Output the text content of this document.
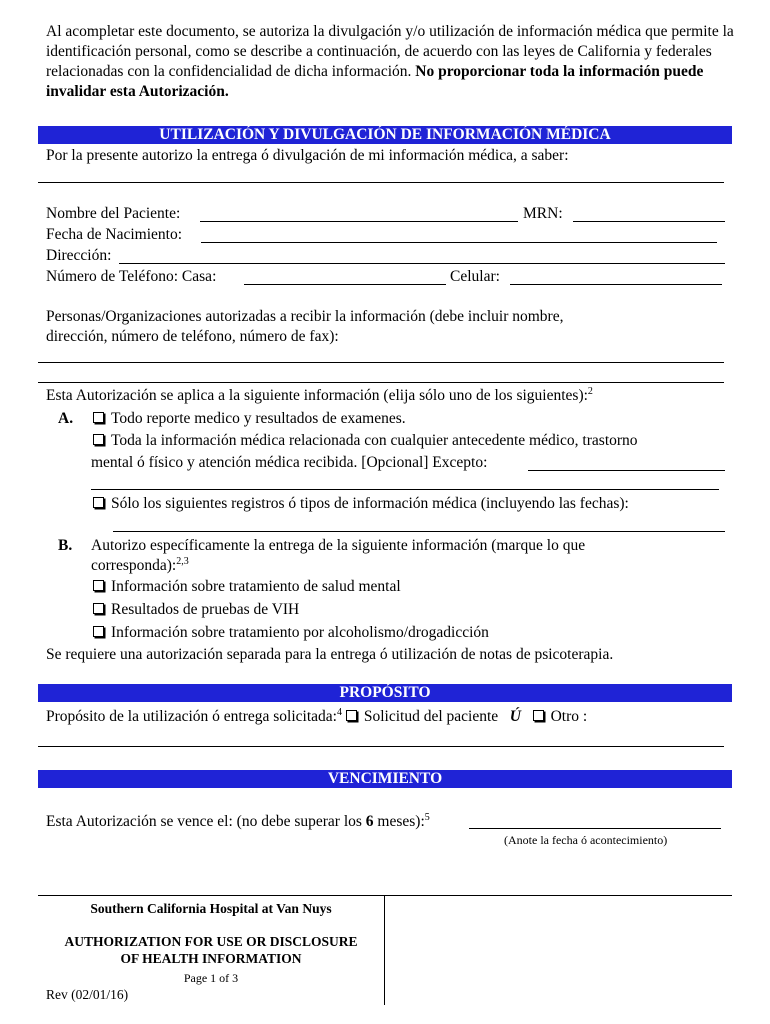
Al acompletar este documento, se autoriza la divulgación y/o utilización de información médica que permite la identificación personal, como se describe a continuación, de acuerdo con las leyes de California y federales relacionadas con la confidencialidad de dicha información. No proporcionar toda la información puede invalidar esta Autorización.
UTILIZACIÓN Y DIVULGACIÓN DE INFORMACIÓN MÉDICA
Por la presente autorizo la entrega ó divulgación de mi información médica, a saber:
Nombre del Paciente:	MRN:
Fecha de Nacimiento:
Dirección:
Número de Teléfono: Casa:	Celular:
Personas/Organizaciones autorizadas a recibir la información (debe incluir nombre,
dirección, número de teléfono, número de fax):
Esta Autorización se aplica a la siguiente información (elija sólo uno de los siguientes):$^2$
A.	Todo reporte medico y resultados de examenes.
Toda la información médica relacionada con cualquier antecedente médico, trastorno
mental ó físico y atención médica recibida. [Opcional] Excepto:
Sólo los siguientes registros ó tipos de información médica (incluyendo las fechas):
B. Autorizo específicamente la entrega de la siguiente información (marque lo que
corresponda):$^{2,3}$
Información sobre tratamiento de salud mental
Resultados de pruebas de VIH
Información sobre tratamiento por alcoholismo/drogadicción
Se requiere una autorización separada para la entrega ó utilización de notas de psicoterapia.
PROPÓSITO
Propósito de la utilización ó entrega solicitada:$^4$ Solicitud del paciente Ú Otro :
VENCIMIENTO
Esta Autorización se vence el: (no debe superar los 6 meses):$^5$
(Anote la fecha ó acontecimiento)
Southern California Hospital at Van Nuys
AUTHORIZATION FOR USE OR DISCLOSURE
OF HEALTH INFORMATION
Page 1 of 3
Rev (02/01/16)
